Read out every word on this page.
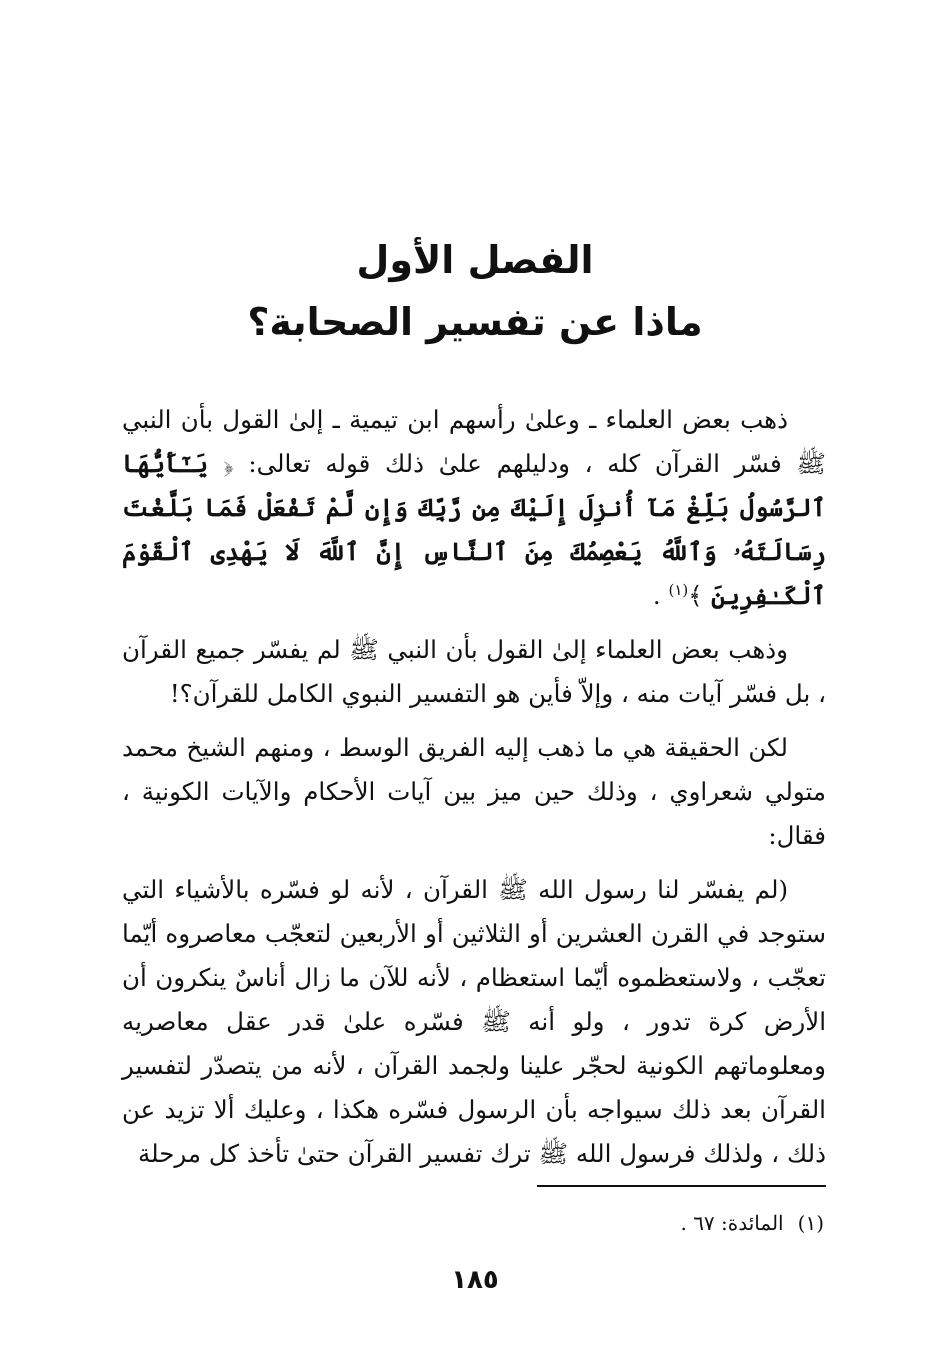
الفصل الأول
ماذا عن تفسير الصحابة؟

ذهب بعض العلماء ـ وعلىٰ رأسهم ابن تيمية ـ إلىٰ القول بأن النبي ﷺ فسّر القرآن كله ، ودليلهم علىٰ ذلك قوله تعالى: ﴿ يَـٰٓأَيُّهَا ٱلرَّسُولُ بَلِّغْ مَآ أُنزِلَ إِلَيْكَ مِن رَّبِّكَ وَإِن لَّمْ تَفْعَلْ فَمَا بَلَّغْتَ رِسَالَتَهُۥ وَٱللَّهُ يَعْصِمُكَ مِنَ ٱلنَّاسِ إِنَّ ٱللَّهَ لَا يَهْدِى ٱلْقَوْمَ ٱلْكَـٰفِرِينَ ﴾$^{(١)}$ .

وذهب بعض العلماء إلىٰ القول بأن النبي ﷺ لم يفسّر جميع القرآن ، بل فسّر آيات منه ، وإلاّ فأين هو التفسير النبوي الكامل للقرآن؟!

لكن الحقيقة هي ما ذهب إليه الفريق الوسط ، ومنهم الشيخ محمد متولي شعراوي ، وذلك حين ميز بين آيات الأحكام والآيات الكونية ، فقال:

(لم يفسّر لنا رسول الله ﷺ القرآن ، لأنه لو فسّره بالأشياء التي ستوجد في القرن العشرين أو الثلاثين أو الأربعين لتعجّب معاصروه أيّما تعجّب ، ولاستعظموه أيّما استعظام ، لأنه للآن ما زال أناسٌ ينكرون أن الأرض كرة تدور ، ولو أنه ﷺ فسّره علىٰ قدر عقل معاصريه ومعلوماتهم الكونية لحجّر علينا ولجمد القرآن ، لأنه من يتصدّر لتفسير القرآن بعد ذلك سيواجه بأن الرسول فسّره هكذا ، وعليك ألا تزيد عن ذلك ، ولذلك فرسول الله ﷺ ترك تفسير القرآن حتىٰ تأخذ كل مرحلة

(١)المائدة: ٦٧ .
١٨٥
